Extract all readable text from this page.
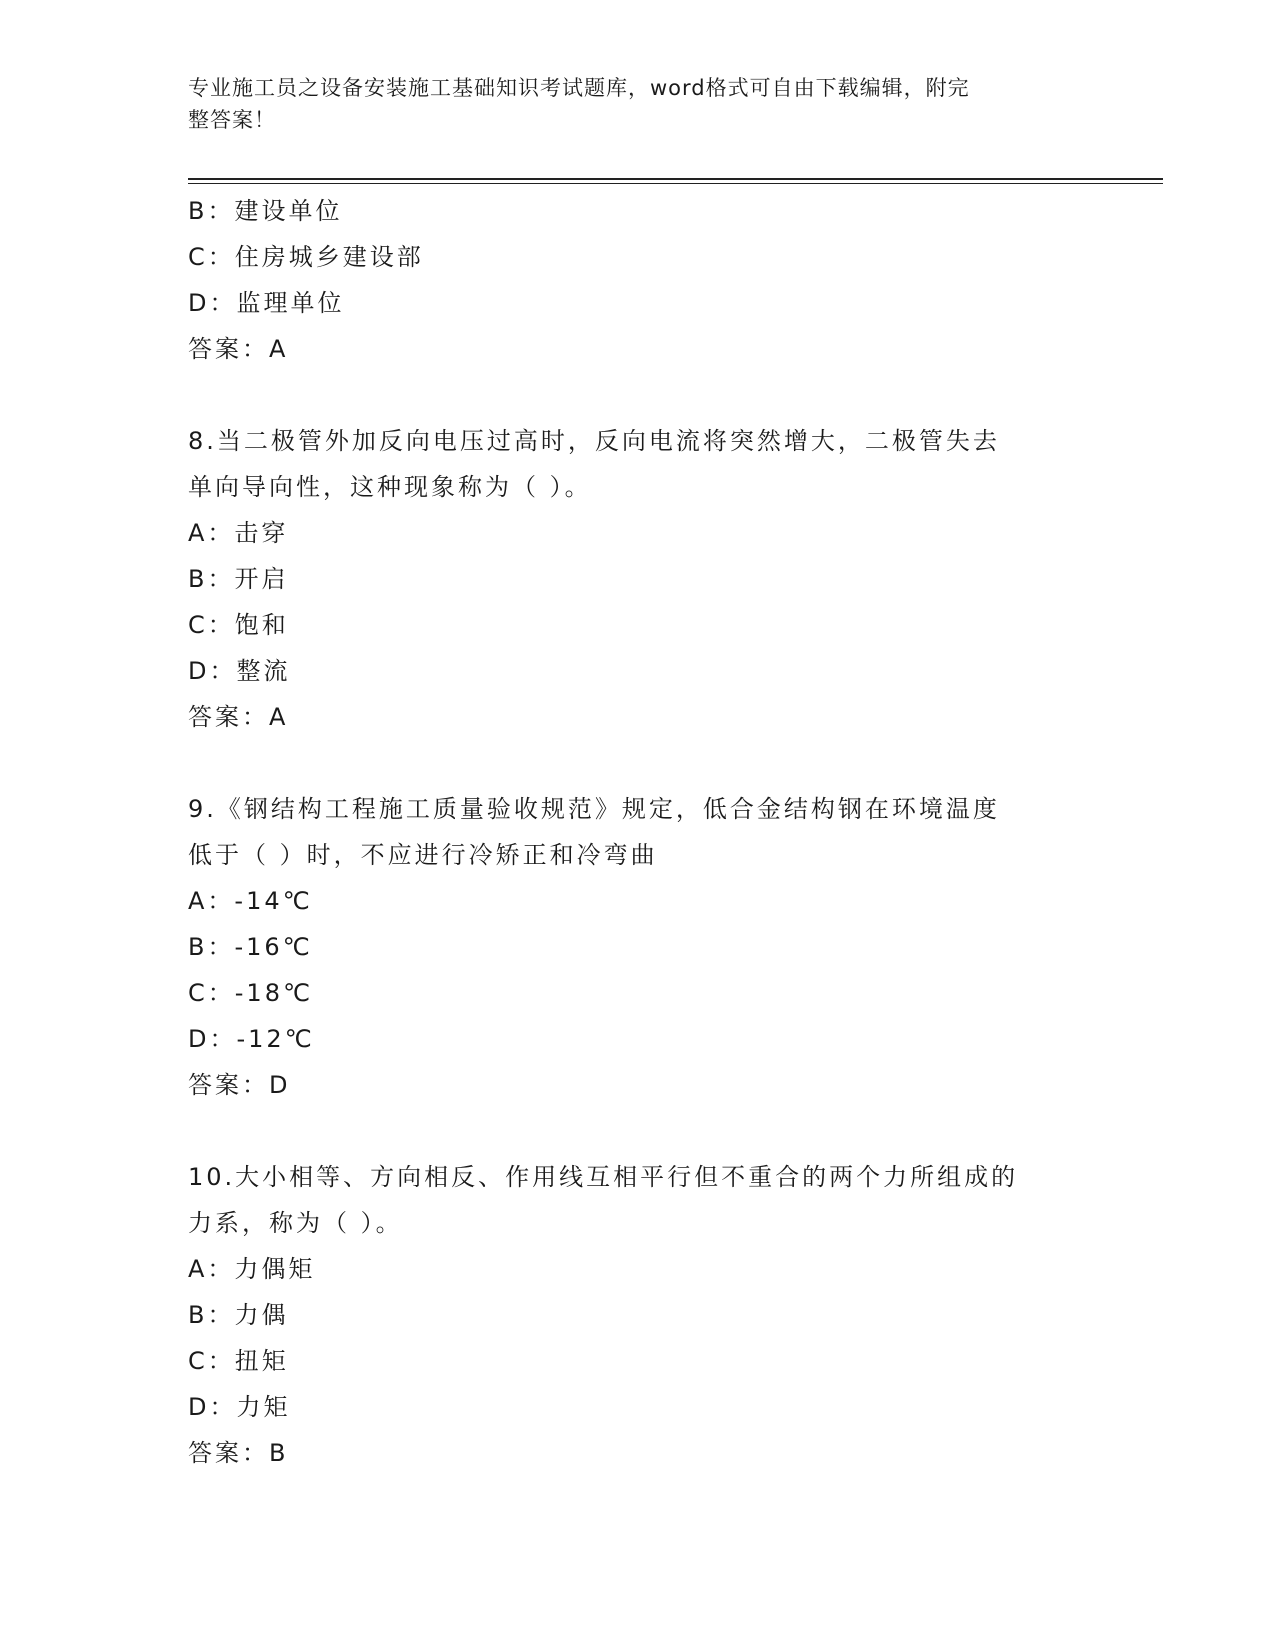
专业施工员之设备安装施工基础知识考试题库，word格式可自由下载编辑，附完
整答案！
B：建设单位
C：住房城乡建设部
D：监理单位
答案：A
8.当二极管外加反向电压过高时，反向电流将突然增大，二极管失去
单向导向性，这种现象称为（ ）。
A：击穿
B：开启
C：饱和
D：整流
答案：A
9.《钢结构工程施工质量验收规范》规定，低合金结构钢在环境温度
低于（ ）时，不应进行冷矫正和冷弯曲
A：-14℃
B：-16℃
C：-18℃
D：-12℃
答案：D
10.大小相等、方向相反、作用线互相平行但不重合的两个力所组成的
力系，称为（ ）。
A：力偶矩
B：力偶
C：扭矩
D：力矩
答案：B
